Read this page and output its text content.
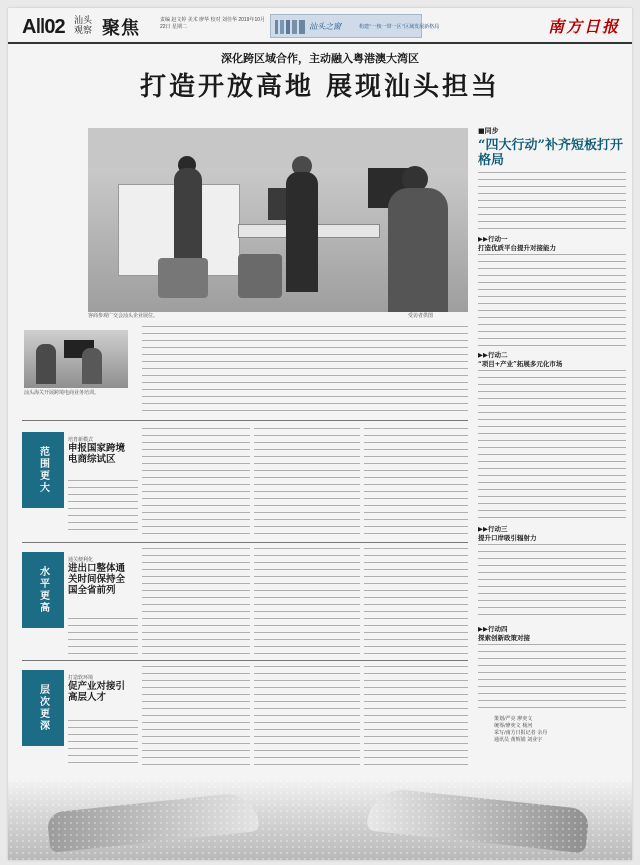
A‖02 汕头 观察 聚焦	责编 赵文婷 美术 廖华 校对 刘佳华 2019年10月22日 星期二	汕头之窗	构建“一核一带一区”区域发展新格局	南方日报
深化跨区域合作，主动融入粤港澳大湾区
打造开放高地 展现汕头担当
客商参观广交会汕头企业展位。	受访者供图
■同步
“四大行动”补齐短板打开格局
▶▶行动一
打造优质平台提升对接能力
▶▶行动二
“项目+产业”拓展多元化市场
▶▶行动三
提升口岸吸引辐射力
▶▶行动四
探索创新政策对接
汕头海关开展跨境电商业务培训。
范围更大
培育新模式
申报国家跨境电商综试区
水平更高
通关便利化
进出口整体通关时间保持全国全省前列
层次更深
打造软环境
促产业对接引高层人才
策划/严亮 廖奕文
统筹/廖奕文 杨河
采写/南方日报记者 余丹
通讯员 黄辉娟 刘业宇
